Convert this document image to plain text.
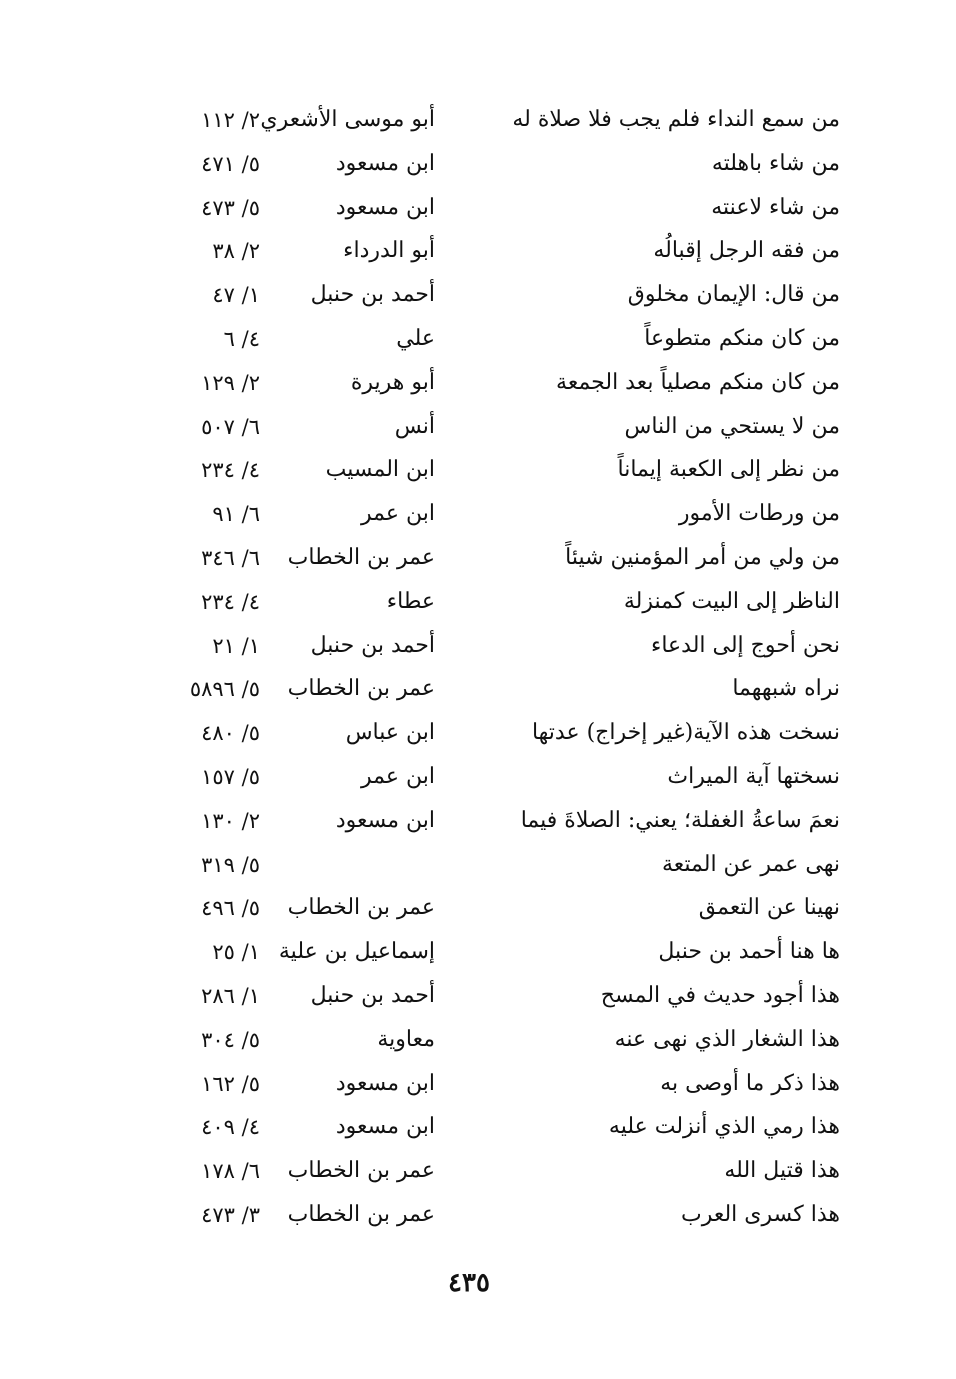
من سمع النداء فلم يجب فلا صلاة له
أبو موسى الأشعري
٢/ ١١٢
من شاء باهلته
ابن مسعود
٥/ ٤٧١
من شاء لاعنته
ابن مسعود
٥/ ٤٧٣
من فقه الرجل إقبالُه
أبو الدرداء
٢/ ٣٨
من قال: الإيمان مخلوق
أحمد بن حنبل
١/ ٤٧
من كان منكم متطوعاً
علي
٤/ ٦
من كان منكم مصلياً بعد الجمعة
أبو هريرة
٢/ ١٢٩
من لا يستحي من الناس
أنس
٦/ ٥٠٧
من نظر إلى الكعبة إيماناً
ابن المسيب
٤/ ٢٣٤
من ورطات الأمور
ابن عمر
٦/ ٩١
من ولي من أمر المؤمنين شيئاً
عمر بن الخطاب
٦/ ٣٤٦
الناظر إلى البيت كمنزلة
عطاء
٤/ ٢٣٤
نحن أحوج إلى الدعاء
أحمد بن حنبل
١/ ٢١
نراه شبههما
عمر بن الخطاب
٥/ ٥٨٩٦
نسخت هذه الآية(غير إخراج) عدتها
ابن عباس
٥/ ٤٨٠
نسختها آية الميراث
ابن عمر
٥/ ١٥٧
نعمَ ساعةُ الغفلة؛ يعني: الصلاةَ فيما
ابن مسعود
٢/ ١٣٠
نهى عمر عن المتعة
٥/ ٣١٩
نهينا عن التعمق
عمر بن الخطاب
٥/ ٤٩٦
ها هنا أحمد بن حنبل
إسماعيل بن علية
١/ ٢٥
هذا أجود حديث في المسح
أحمد بن حنبل
١/ ٢٨٦
هذا الشغار الذي نهى عنه
معاوية
٥/ ٣٠٤
هذا ذكر ما أوصى به
ابن مسعود
٥/ ١٦٢
هذا رمي الذي أنزلت عليه
ابن مسعود
٤/ ٤٠٩
هذا قتيل الله
عمر بن الخطاب
٦/ ١٧٨
هذا كسرى العرب
عمر بن الخطاب
٣/ ٤٧٣
٤٣٥
